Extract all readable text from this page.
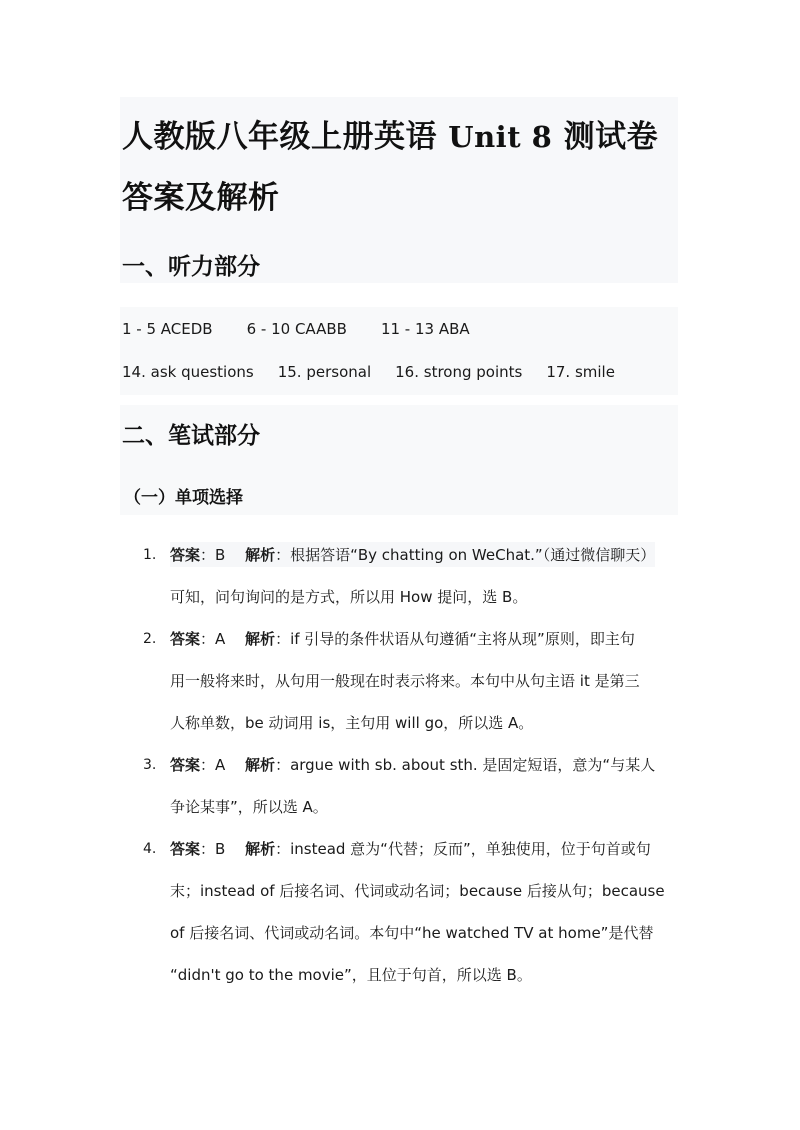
人教版八年级上册英语 Unit 8 测试卷
答案及解析
一、听力部分
1 - 5 ACEDB 6 - 10 CAABB 11 - 13 ABA
14. ask questions 15. personal 16. strong points 17. smile
二、笔试部分
（一）单项选择
1. 答案：B　 解析：根据答语“By chatting on WeChat.”（通过微信聊天）
可知，问句询问的是方式，所以用 How 提问，选 B。
2. 答案：A　 解析：if 引导的条件状语从句遵循“主将从现”原则，即主句
用一般将来时，从句用一般现在时表示将来。本句中从句主语 it 是第三
人称单数，be 动词用 is，主句用 will go，所以选 A。
3. 答案：A　 解析：argue with sb. about sth. 是固定短语，意为“与某人
争论某事”，所以选 A。
4. 答案：B　 解析：instead 意为“代替；反而”，单独使用，位于句首或句
末；instead of 后接名词、代词或动名词；because 后接从句；because
of 后接名词、代词或动名词。本句中“he watched TV at home”是代替
“didn't go to the movie”，且位于句首，所以选 B。
